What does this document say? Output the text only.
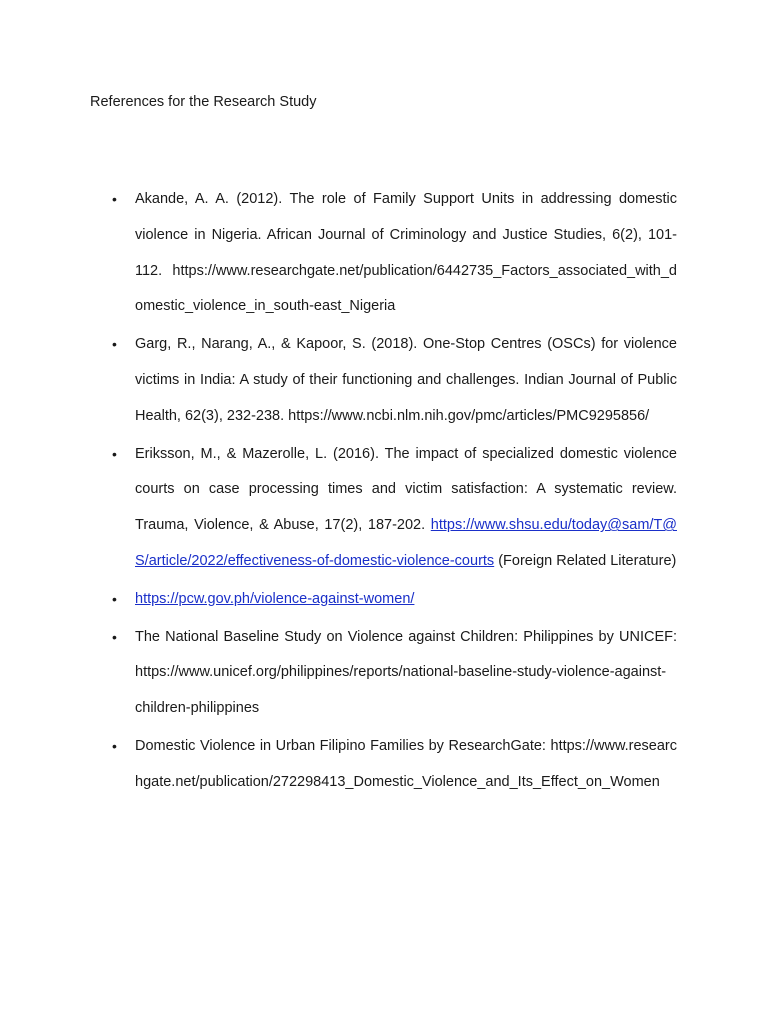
References for the Research Study
• Akande, A. A. (2012). The role of Family Support Units in addressing domestic violence in Nigeria. African Journal of Criminology and Justice Studies, 6(2), 101-112. https://www.researchgate.net/publication/6442735_Factors_associated_with_domestic_violence_in_south-east_Nigeria
• Garg, R., Narang, A., & Kapoor, S. (2018). One-Stop Centres (OSCs) for violence victims in India: A study of their functioning and challenges. Indian Journal of Public Health, 62(3), 232-238. https://www.ncbi.nlm.nih.gov/pmc/articles/PMC9295856/
• Eriksson, M., & Mazerolle, L. (2016). The impact of specialized domestic violence courts on case processing times and victim satisfaction: A systematic review. Trauma, Violence, & Abuse, 17(2), 187-202. https://www.shsu.edu/today@sam/T@S/article/2022/effectiveness-of-domestic-violence-courts (Foreign Related Literature)
• https://pcw.gov.ph/violence-against-women/
• The National Baseline Study on Violence against Children: Philippines by UNICEF: https://www.unicef.org/philippines/reports/national-baseline-study-violence-against-children-philippines
• Domestic Violence in Urban Filipino Families by ResearchGate: https://www.researchgate.net/publication/272298413_Domestic_Violence_and_Its_Effect_on_Women
